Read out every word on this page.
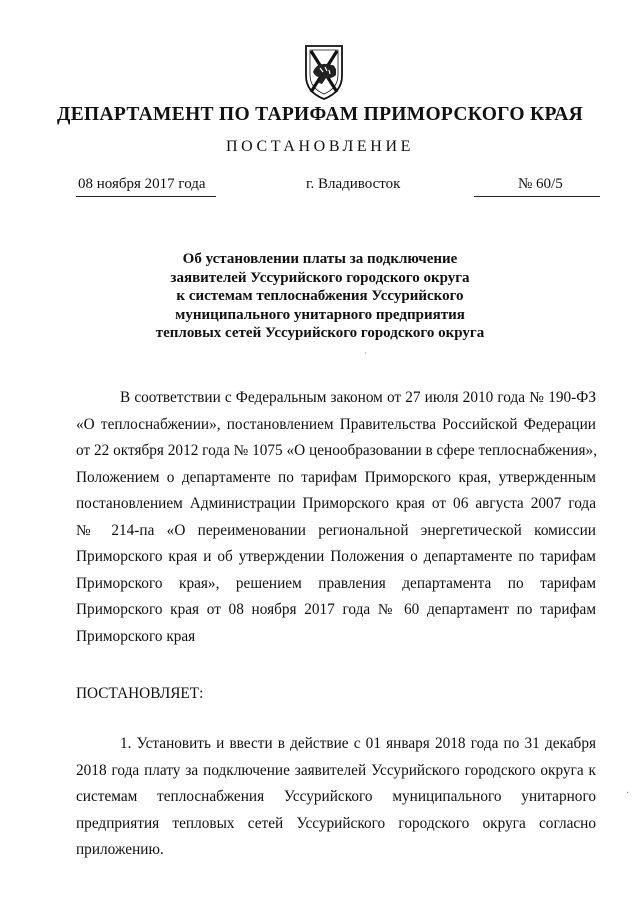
ДЕПАРТАМЕНТ ПО ТАРИФАМ ПРИМОРСКОГО КРАЯ
ПОСТАНОВЛЕНИЕ
08 ноября 2017 года	г. Владивосток	№ 60/5
Об установлении платы за подключение
заявителей Уссурийского городского округа
к системам теплоснабжения Уссурийского
муниципального унитарного предприятия
тепловых сетей Уссурийского городского округа
`
В соответствии с Федеральным законом от 27 июля 2010 года № 190-ФЗ
«О теплоснабжении», постановлением Правительства Российской Федерации
от 22 октября 2012 года № 1075 «О ценообразовании в сфере теплоснабжения»,
Положением о департаменте по тарифам Приморского края, утвержденным
постановлением Администрации Приморского края от 06 августа 2007 года
№ 214-па «О переименовании региональной энергетической комиссии
Приморского края и об утверждении Положения о департаменте по тарифам
Приморского края», решением правления департамента по тарифам
Приморского края от 08 ноября 2017 года № 60 департамент по тарифам
Приморского края
ПОСТАНОВЛЯЕТ:
1. Установить и ввести в действие с 01 января 2018 года по 31 декабря
2018 года плату за подключение заявителей Уссурийского городского округа к
системам теплоснабжения Уссурийского муниципального унитарного
предприятия тепловых сетей Уссурийского городского округа согласно
приложению.
·
